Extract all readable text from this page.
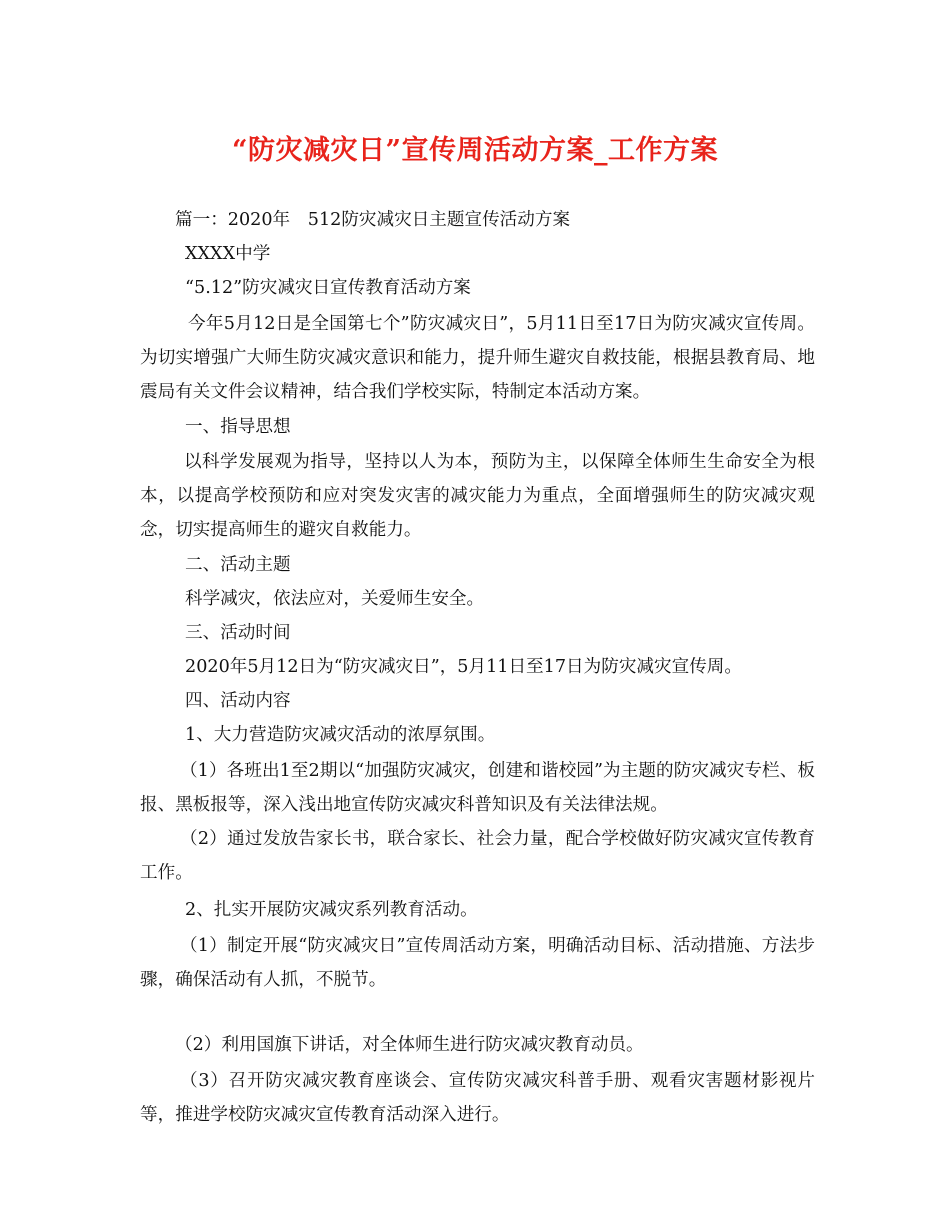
“防灾减灾日”宣传周活动方案_工作方案
篇一：2020年　512防灾减灾日主题宣传活动方案
XXXX中学
“5.12”防灾减灾日宣传教育活动方案
今年5月12日是全国第七个”防灾减灾日”，5月11日至17日为防灾减灾宣传周。为切实增强广大师生防灾减灾意识和能力，提升师生避灾自救技能，根据县教育局、地震局有关文件会议精神，结合我们学校实际，特制定本活动方案。
一、指导思想
以科学发展观为指导，坚持以人为本，预防为主，以保障全体师生生命安全为根本，以提高学校预防和应对突发灾害的减灾能力为重点，全面增强师生的防灾减灾观念，切实提高师生的避灾自救能力。
二、活动主题
科学减灾，依法应对，关爱师生安全。
三、活动时间
2020年5月12日为“防灾减灾日”，5月11日至17日为防灾减灾宣传周。
四、活动内容
1、大力营造防灾减灾活动的浓厚氛围。
（1）各班出1至2期以“加强防灾减灾，创建和谐校园”为主题的防灾减灾专栏、板报、黑板报等，深入浅出地宣传防灾减灾科普知识及有关法律法规。
（2）通过发放告家长书，联合家长、社会力量，配合学校做好防灾减灾宣传教育工作。
2、扎实开展防灾减灾系列教育活动。
（1）制定开展“防灾减灾日”宣传周活动方案，明确活动目标、活动措施、方法步骤，确保活动有人抓，不脱节。
（2）利用国旗下讲话，对全体师生进行防灾减灾教育动员。
（3）召开防灾减灾教育座谈会、宣传防灾减灾科普手册、观看灾害题材影视片等，推进学校防灾减灾宣传教育活动深入进行。
